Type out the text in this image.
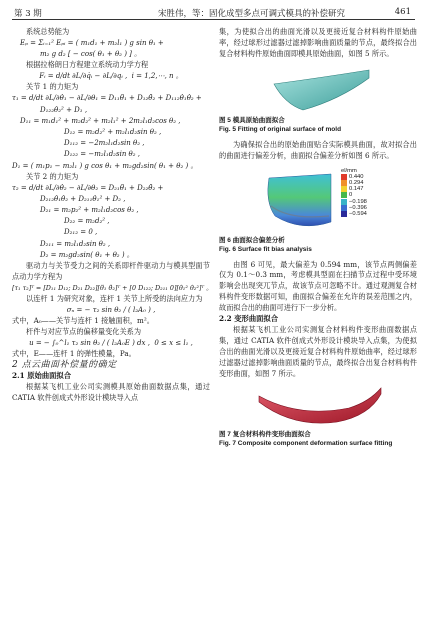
第 3 期	宋胜伟，等：固化成型多点可调式模具的补偿研究	461

系统总势能为

Eₚ = Σᵢ₌₁² Eₚᵢ = ( m₁d₁ + m₂l₁ ) g sin θ₁ +

m₂ g d₂ [ − cos( θ₁ + θ₂ ) ] 。

根据拉格朗日方程建立系统动力学方程

Fᵢ = d/dt ∂L/∂q̇ᵢ − ∂L/∂qᵢ ,  i = 1,2,⋯, n 。

关节 1 的力矩为

τ₁ = d/dt ∂L/∂θ̇₁ − ∂L/∂θ₁ = D₁₁θ̈₁ + D₁₂θ̈₂ + D₁₁₂θ̇₁θ̇₂ +

D₁₂₂θ̇₂² + D₁ ,

D₁₁ = m₁d₁² + m₂d₂² + m₂l₁² + 2m₂l₁d₂cos θ₂ ,

D₁₂ = m₂d₂² + m₂l₁d₂sin θ₂ ,

D₁₁₂ = −2m₂l₁d₂sin θ₂ ,

D₁₂₂ = −m₂l₁d₂sin θ₂ ,

D₁ = ( m₁p₁ − m₂l₁ ) g cos θ₁ + m₂gd₂sin( θ₁ + θ₂ ) 。

关节 2 的力矩为

τ₂ = d/dt ∂L/∂θ̇₂ − ∂L/∂θ₂ = D₂₁θ̈₁ + D₂₂θ̈₂ +

D₂₁₂θ̇₁θ̇₂ + D₂₁₁θ̇₁² + D₂ ,

D₂₁ = m₂p₂² + m₂l₁d₂cos θ₂ ,

D₂₂ = m₂d₂² ,

D₂₁₂ = 0 ,

D₂₁₁ = m₂l₁d₂sin θ₂ ,

D₂ = m₂gd₂sin( θ₁ + θ₂ ) 。

驱动力与关节受力之间的关系即杆件驱动力与模具型面节点动力学方程为

[τ₁ τ₂]ᵀ = [D₁₁ D₁₂; D₂₁ D₂₂][θ̈₁ θ̈₂]ᵀ + [0 D₁₂₂; D₂₁₁ 0][θ̇₁² θ̇₂²]ᵀ 。

以连杆 1 为研究对象，连杆 1 关节上所受的法向应力为

σₙ = − τ₂ sin θ₂ / ( l₂A₀ ) ,

式中，A₀——关节与连杆 1 接触面积，m²。

杆件与对应节点的偏移量变化关系为

u = − ∫₀^l₁ τ₂ sin θ₂ / ( l₂A₀E ) dx ,  0 ≤ x ≤ l₁ ,

式中，E——连杆 1 的弹性模量，Pa。

2 点云曲面补偿量的确定

2.1 原始曲面拟合

根据某飞机工业公司实测模具原始曲面数据点集，通过 CATIA 软件创成式外形设计模块导入点

集，为使拟合出的曲面光滑以及更接近复合材料构件原始曲率，经过球形过滤器过滤掉影响曲面质量的节点，最终拟合出复合材料构件原始曲面即模具原始曲面，如图 5 所示。

图 5 模具原始曲面拟合

Fig. 5 Fitting of original surface of mold

为确保拟合出的原始曲面贴合实际模具曲面，故对拟合出的曲面进行偏差分析，曲面拟合偏差分析如图 6 所示。

el/mm
0.440
0.294
0.147
0
−0.198
−0.396
−0.594

图 6 曲面拟合偏差分析

Fig. 6 Surface fit bias analysis

由图 6 可见，最大偏差为 0.594 mm，该节点两侧偏差仅为 0.1～0.3 mm，考虑模具型面在扫描节点过程中受环境影响会出现突兀节点，故该节点可忽略不计。通过观测复合材料构件变形数据可知，曲面拟合偏差在允许的误差范围之内，故而拟合出的曲面可进行下一步分析。

2.2 变形曲面拟合

根据某飞机工业公司实测复合材料构件变形曲面数据点集，通过 CATIA 软件创成式外形设计模块导入点集，为使拟合出的曲面光滑以及更接近复合材料构件原始曲率，经过球形过滤器过滤掉影响曲面质量的节点，最终拟合出复合材料构件变形曲面，如图 7 所示。

图 7 复合材料构件变形曲面拟合

Fig. 7 Composite component deformation surface fitting
